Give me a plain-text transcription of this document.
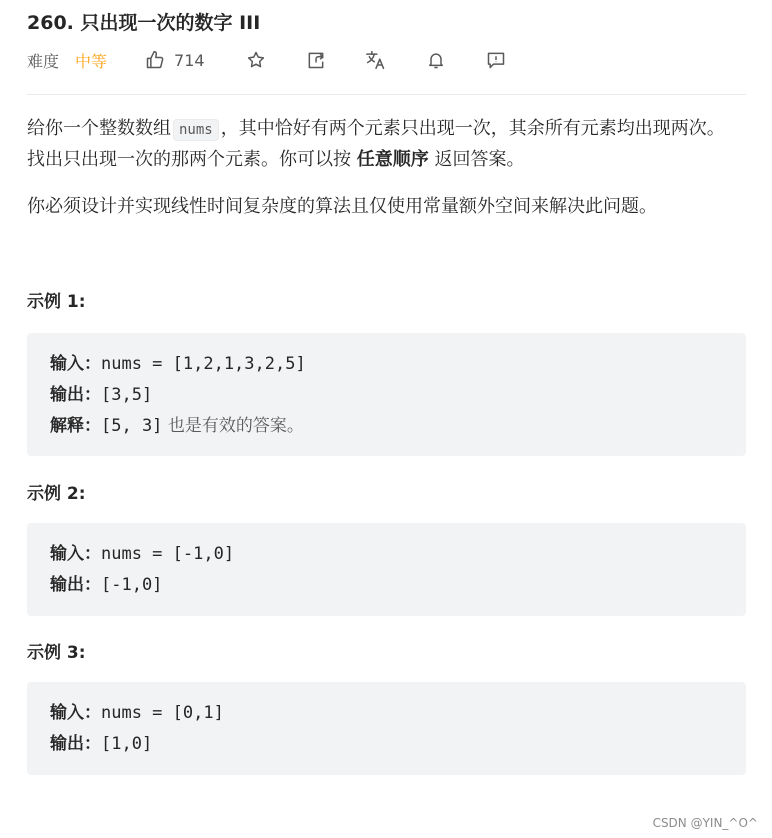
260. 只出现一次的数字 III
难度 中等	714
给你一个整数数组 nums ，其中恰好有两个元素只出现一次，其余所有元素均出现两次。 找出只出现一次的那两个元素。你可以按 任意顺序 返回答案。
你必须设计并实现线性时间复杂度的算法且仅使用常量额外空间来解决此问题。
示例 1:
输入：nums = [1,2,1,3,2,5]
输出：[3,5]
解释：[5, 3] 也是有效的答案。
示例 2:
输入：nums = [-1,0]
输出：[-1,0]
示例 3:
输入：nums = [0,1]
输出：[1,0]
CSDN @YIN_^O^
